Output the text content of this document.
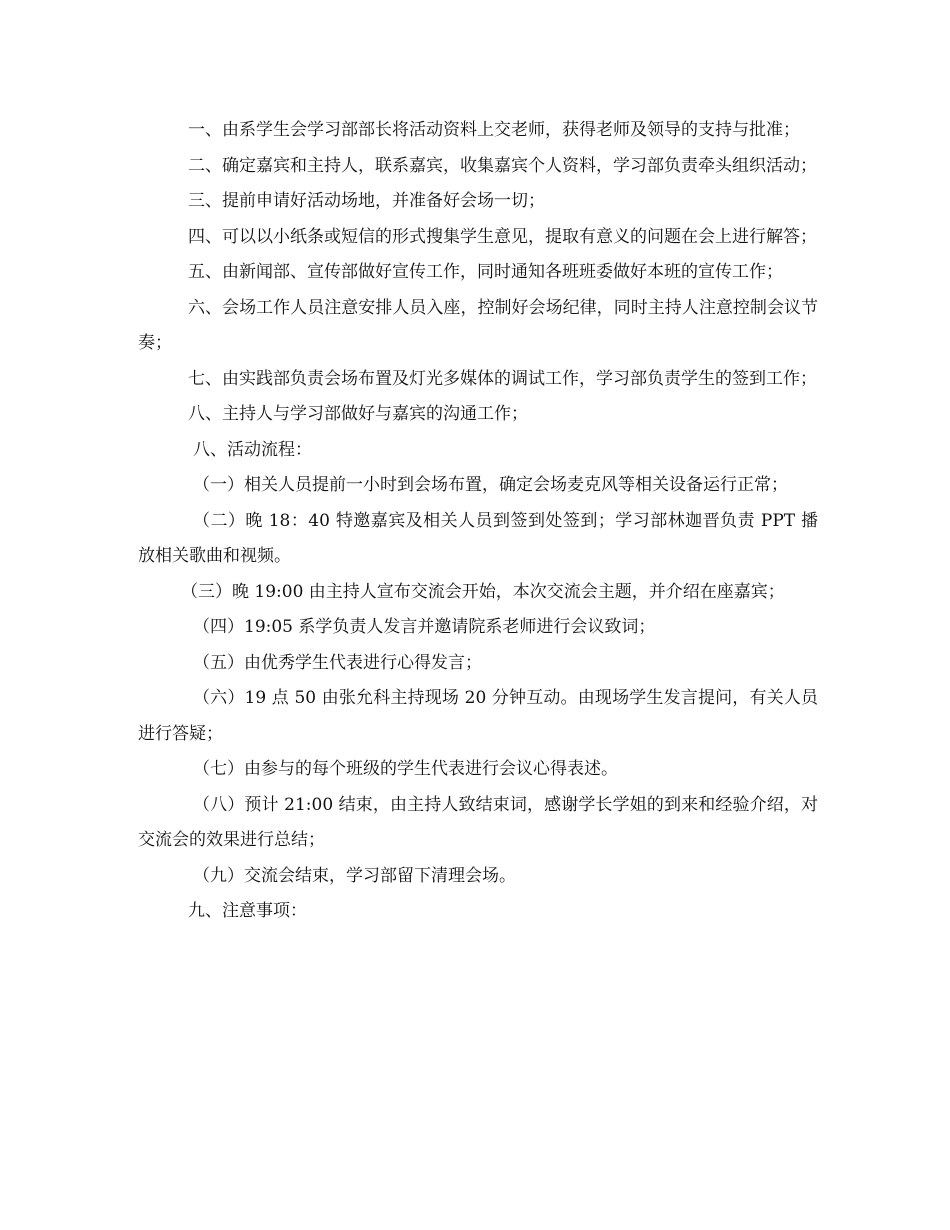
一、由系学生会学习部部长将活动资料上交老师，获得老师及领导的支持与批准；

二、确定嘉宾和主持人，联系嘉宾，收集嘉宾个人资料，学习部负责牵头组织活动；

三、提前申请好活动场地，并准备好会场一切；

四、可以以小纸条或短信的形式搜集学生意见，提取有意义的问题在会上进行解答；

五、由新闻部、宣传部做好宣传工作，同时通知各班班委做好本班的宣传工作；

六、会场工作人员注意安排人员入座，控制好会场纪律，同时主持人注意控制会议节奏；

七、由实践部负责会场布置及灯光多媒体的调试工作，学习部负责学生的签到工作；

八、主持人与学习部做好与嘉宾的沟通工作；

八、活动流程：

（一）相关人员提前一小时到会场布置，确定会场麦克风等相关设备运行正常；

（二）晚 18：40 特邀嘉宾及相关人员到签到处签到；学习部林迦晋负责 PPT 播放相关歌曲和视频。

（三）晚 19:00 由主持人宣布交流会开始，本次交流会主题，并介绍在座嘉宾；

（四）19:05 系学负责人发言并邀请院系老师进行会议致词；

（五）由优秀学生代表进行心得发言；

（六）19 点 50 由张允科主持现场 20 分钟互动。由现场学生发言提问，有关人员进行答疑；

（七）由参与的每个班级的学生代表进行会议心得表述。

（八）预计 21:00 结束，由主持人致结束词，感谢学长学姐的到来和经验介绍，对交流会的效果进行总结；

（九）交流会结束，学习部留下清理会场。

九、注意事项：
